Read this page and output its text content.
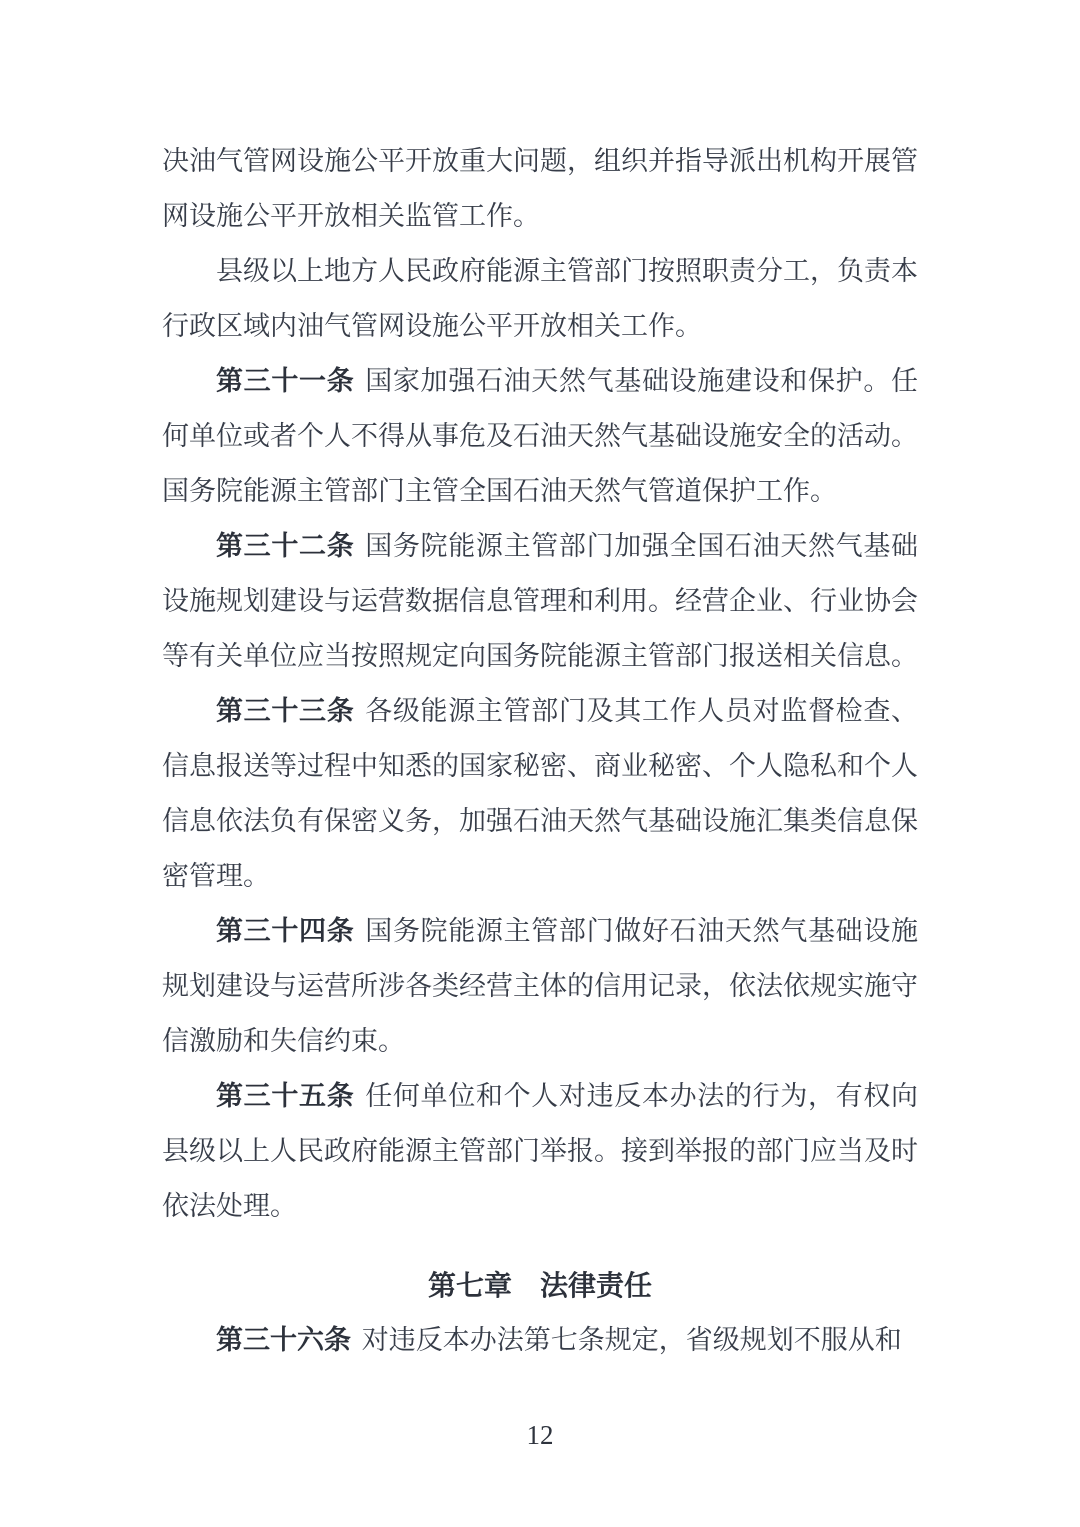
决油气管网设施公平开放重大问题，组织并指导派出机构开展管网设施公平开放相关监管工作。

县级以上地方人民政府能源主管部门按照职责分工，负责本行政区域内油气管网设施公平开放相关工作。

第三十一条 国家加强石油天然气基础设施建设和保护。任何单位或者个人不得从事危及石油天然气基础设施安全的活动。国务院能源主管部门主管全国石油天然气管道保护工作。

第三十二条 国务院能源主管部门加强全国石油天然气基础设施规划建设与运营数据信息管理和利用。经营企业、行业协会等有关单位应当按照规定向国务院能源主管部门报送相关信息。

第三十三条 各级能源主管部门及其工作人员对监督检查、信息报送等过程中知悉的国家秘密、商业秘密、个人隐私和个人信息依法负有保密义务，加强石油天然气基础设施汇集类信息保密管理。

第三十四条 国务院能源主管部门做好石油天然气基础设施规划建设与运营所涉各类经营主体的信用记录，依法依规实施守信激励和失信约束。

第三十五条 任何单位和个人对违反本办法的行为，有权向县级以上人民政府能源主管部门举报。接到举报的部门应当及时依法处理。

第七章　法律责任

第三十六条 对违反本办法第七条规定，省级规划不服从和

12
